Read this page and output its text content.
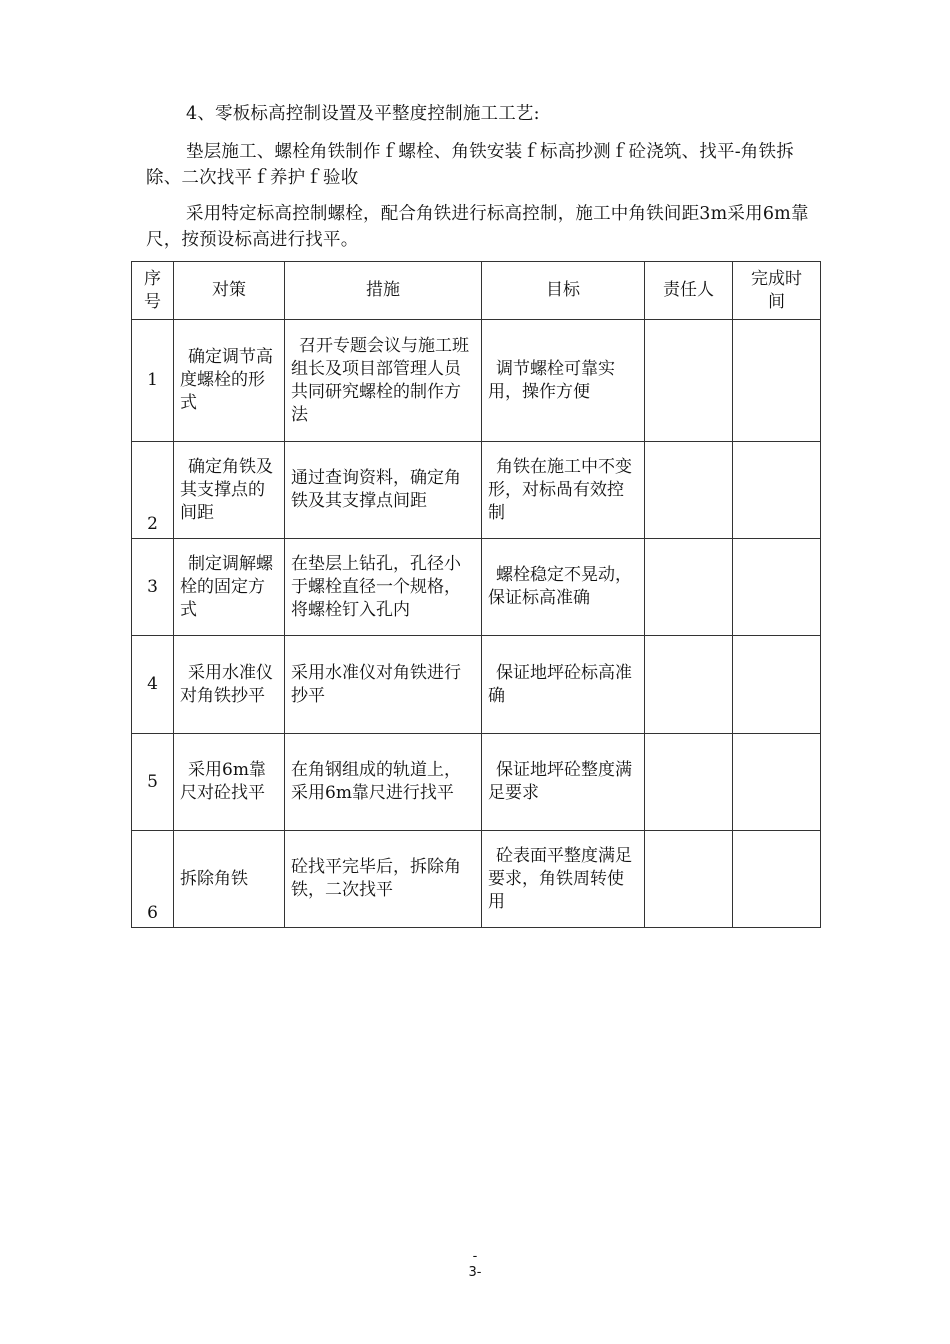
4、零板标高控制设置及平整度控制施工工艺:

垫层施工、螺栓角铁制作ｆ螺栓、角铁安装ｆ标高抄测ｆ砼浇筑、找平-角铁拆除、二次找平ｆ养护ｆ验收

采用特定标高控制螺栓，配合角铁进行标高控制，施工中角铁间距3m采用6m靠尺，按预设标高进行找平。

序号	对策	措施	目标	责任人	完成时间
1	确定调节高度螺栓的形式	召开专题会议与施工班组长及项目部管理人员共同研究螺栓的制作方法	调节螺栓可靠实用，操作方便		
2	确定角铁及其支撑点的间距	通过查询资料，确定角铁及其支撑点间距	角铁在施工中不变形，对标咼有效控制		
3	制定调解螺栓的固定方式	在垫层上钻孔，孔径小于螺栓直径一个规格，将螺栓钉入孔内	螺栓稳定不晃动，保证标高准确		
4	采用水准仪对角铁抄平	采用水准仪对角铁进行抄平	保证地坪砼标高准确		
5	采用6m靠尺对砼找平	在角钢组成的轨道上，采用6m靠尺进行找平	保证地坪砼整度满足要求		
6	拆除角铁	砼找平完毕后，拆除角铁，二次找平	砼表面平整度满足要求，角铁周转使用		
-
3-
